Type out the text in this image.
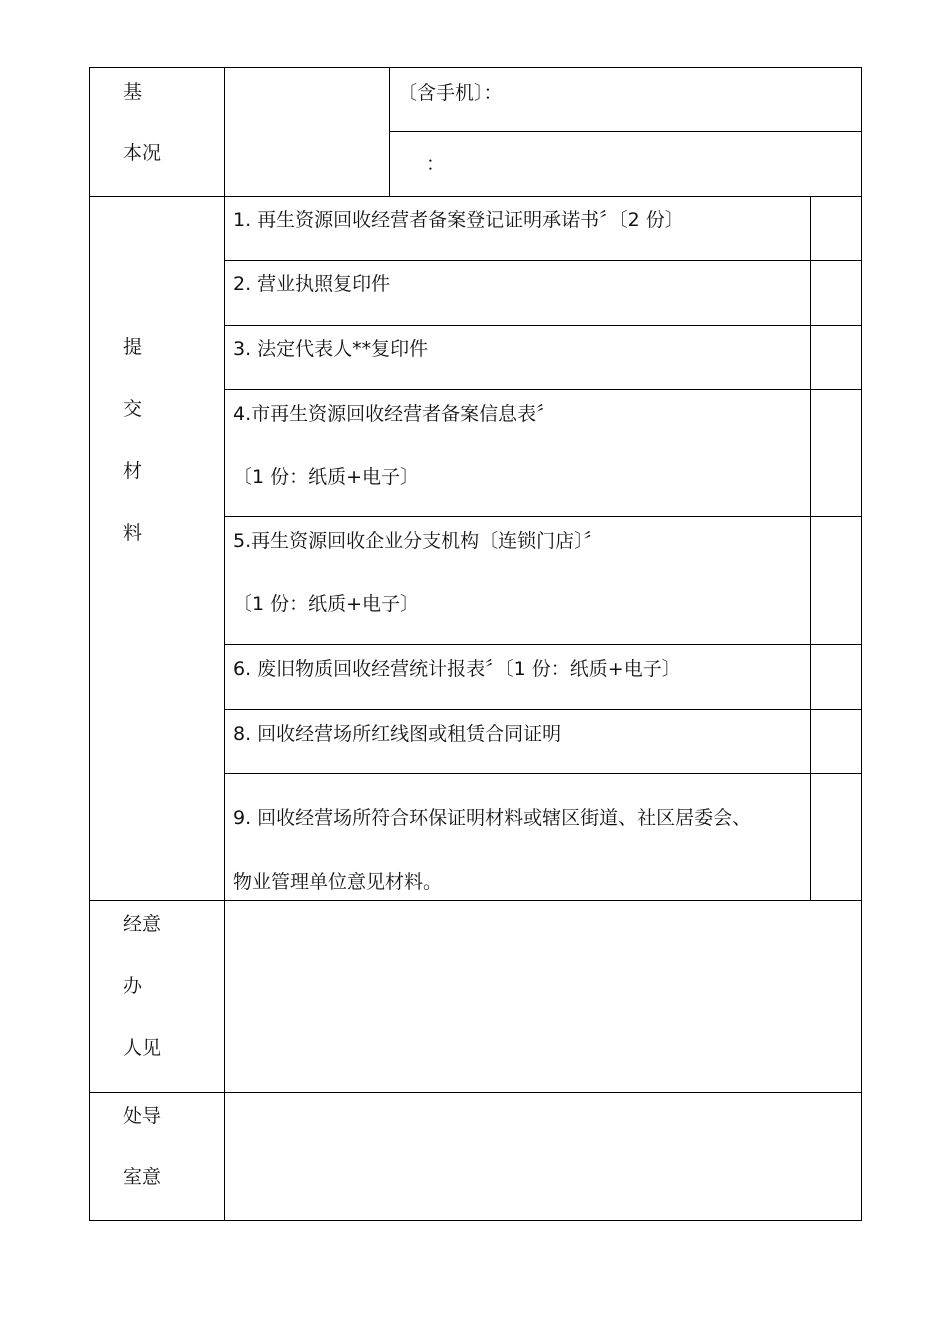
基
本况
〔含手机〕：
：
提
交
材
料
1. 再生资源回收经营者备案登记证明承诺书〞〔2 份〕
2. 营业执照复印件
3. 法定代表人**复印件
4.市再生资源回收经营者备案信息表〞
〔1 份：纸质+电子〕
5.再生资源回收企业分支机构〔连锁门店〕〞
〔1 份：纸质+电子〕
6. 废旧物质回收经营统计报表〞〔1 份：纸质+电子〕
8. 回收经营场所红线图或租赁合同证明
9. 回收经营场所符合环保证明材料或辖区街道、社区居委会、
物业管理单位意见材料。
经意
办
人见
处导
室意
